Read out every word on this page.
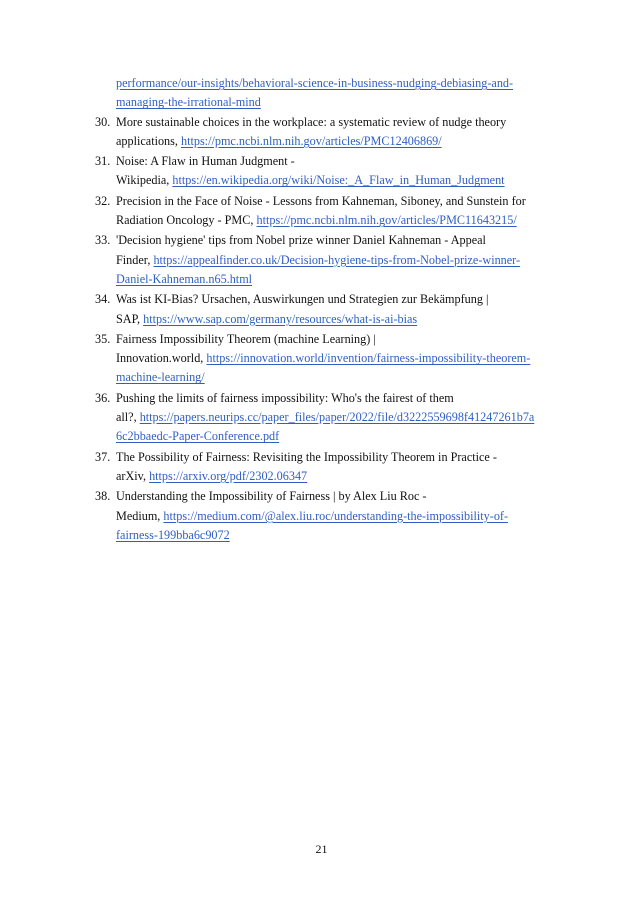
performance/our-insights/behavioral-science-in-business-nudging-debiasing-and-
managing-the-irrational-mind
30. More sustainable choices in the workplace: a systematic review of nudge theory
applications, https://pmc.ncbi.nlm.nih.gov/articles/PMC12406869/
31. Noise: A Flaw in Human Judgment -
Wikipedia, https://en.wikipedia.org/wiki/Noise:_A_Flaw_in_Human_Judgment
32. Precision in the Face of Noise - Lessons from Kahneman, Siboney, and Sunstein for
Radiation Oncology - PMC, https://pmc.ncbi.nlm.nih.gov/articles/PMC11643215/
33. 'Decision hygiene' tips from Nobel prize winner Daniel Kahneman - Appeal
Finder, https://appealfinder.co.uk/Decision-hygiene-tips-from-Nobel-prize-winner-
Daniel-Kahneman.n65.html
34. Was ist KI-Bias? Ursachen, Auswirkungen und Strategien zur Bekämpfung |
SAP, https://www.sap.com/germany/resources/what-is-ai-bias
35. Fairness Impossibility Theorem (machine Learning) |
Innovation.world, https://innovation.world/invention/fairness-impossibility-theorem-
machine-learning/
36. Pushing the limits of fairness impossibility: Who's the fairest of them
all?, https://papers.neurips.cc/paper_files/paper/2022/file/d3222559698f41247261b7a
6c2bbaedc-Paper-Conference.pdf
37. The Possibility of Fairness: Revisiting the Impossibility Theorem in Practice -
arXiv, https://arxiv.org/pdf/2302.06347
38. Understanding the Impossibility of Fairness | by Alex Liu Roc -
Medium, https://medium.com/@alex.liu.roc/understanding-the-impossibility-of-
fairness-199bba6c9072
21
